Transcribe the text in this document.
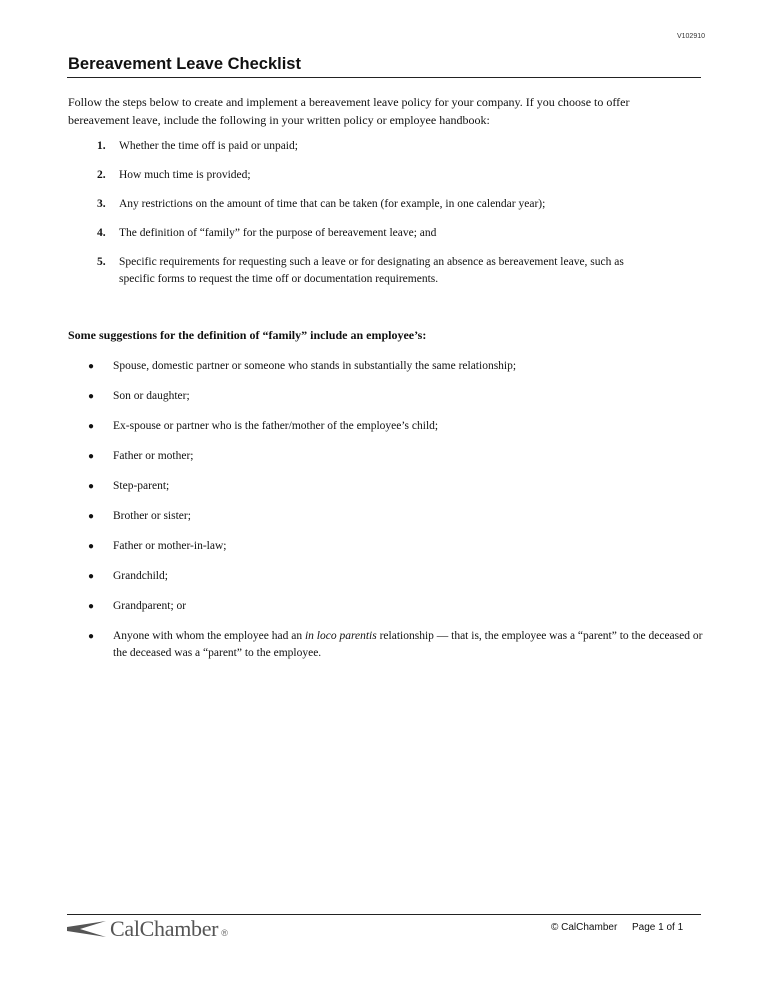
V102910
Bereavement Leave Checklist

Follow the steps below to create and implement a bereavement leave policy for your company. If you choose to offer bereavement leave, include the following in your written policy or employee handbook:

1.	Whether the time off is paid or unpaid;
2.	How much time is provided;
3.	Any restrictions on the amount of time that can be taken (for example, in one calendar year);
4.	The definition of “family” for the purpose of bereavement leave; and
5.	Specific requirements for requesting such a leave or for designating an absence as bereavement leave, such as specific forms to request the time off or documentation requirements.

Some suggestions for the definition of “family” include an employee’s:

●	Spouse, domestic partner or someone who stands in substantially the same relationship;
●	Son or daughter;
●	Ex-spouse or partner who is the father/mother of the employee’s child;
●	Father or mother;
●	Step-parent;
●	Brother or sister;
●	Father or mother-in-law;
●	Grandchild;
●	Grandparent; or
●	Anyone with whom the employee had an in loco parentis relationship — that is, the employee was a “parent” to the deceased or the deceased was a “parent” to the employee.
CalChamber ®	© CalChamber Page 1 of 1
